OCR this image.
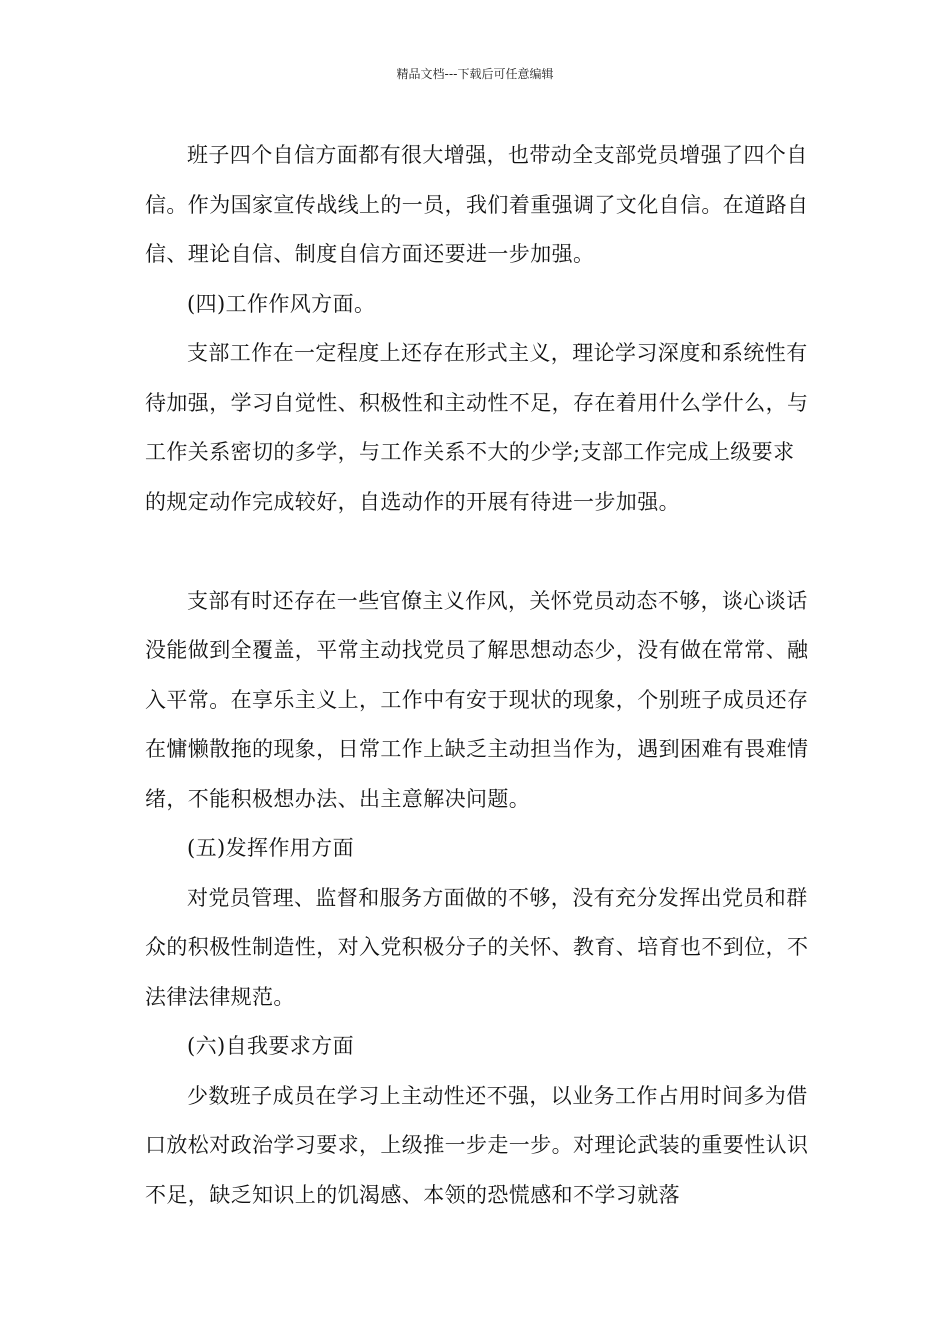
精品文档---下载后可任意编辑

班子四个自信方面都有很大增强，也带动全支部党员增强了四个自信。作为国家宣传战线上的一员，我们着重强调了文化自信。在道路自信、理论自信、制度自信方面还要进一步加强。

(四)工作作风方面。

支部工作在一定程度上还存在形式主义，理论学习深度和系统性有待加强，学习自觉性、积极性和主动性不足，存在着用什么学什么，与工作关系密切的多学，与工作关系不大的少学;支部工作完成上级要求的规定动作完成较好，自选动作的开展有待进一步加强。

支部有时还存在一些官僚主义作风，关怀党员动态不够，谈心谈话没能做到全覆盖，平常主动找党员了解思想动态少，没有做在常常、融入平常。在享乐主义上，工作中有安于现状的现象，个别班子成员还存在慵懒散拖的现象，日常工作上缺乏主动担当作为，遇到困难有畏难情绪，不能积极想办法、出主意解决问题。

(五)发挥作用方面

对党员管理、监督和服务方面做的不够，没有充分发挥出党员和群众的积极性制造性，对入党积极分子的关怀、教育、培育也不到位，不法律法律规范。

(六)自我要求方面

少数班子成员在学习上主动性还不强，以业务工作占用时间多为借口放松对政治学习要求，上级推一步走一步。对理论武装的重要性认识不足，缺乏知识上的饥渴感、本领的恐慌感和不学习就落
